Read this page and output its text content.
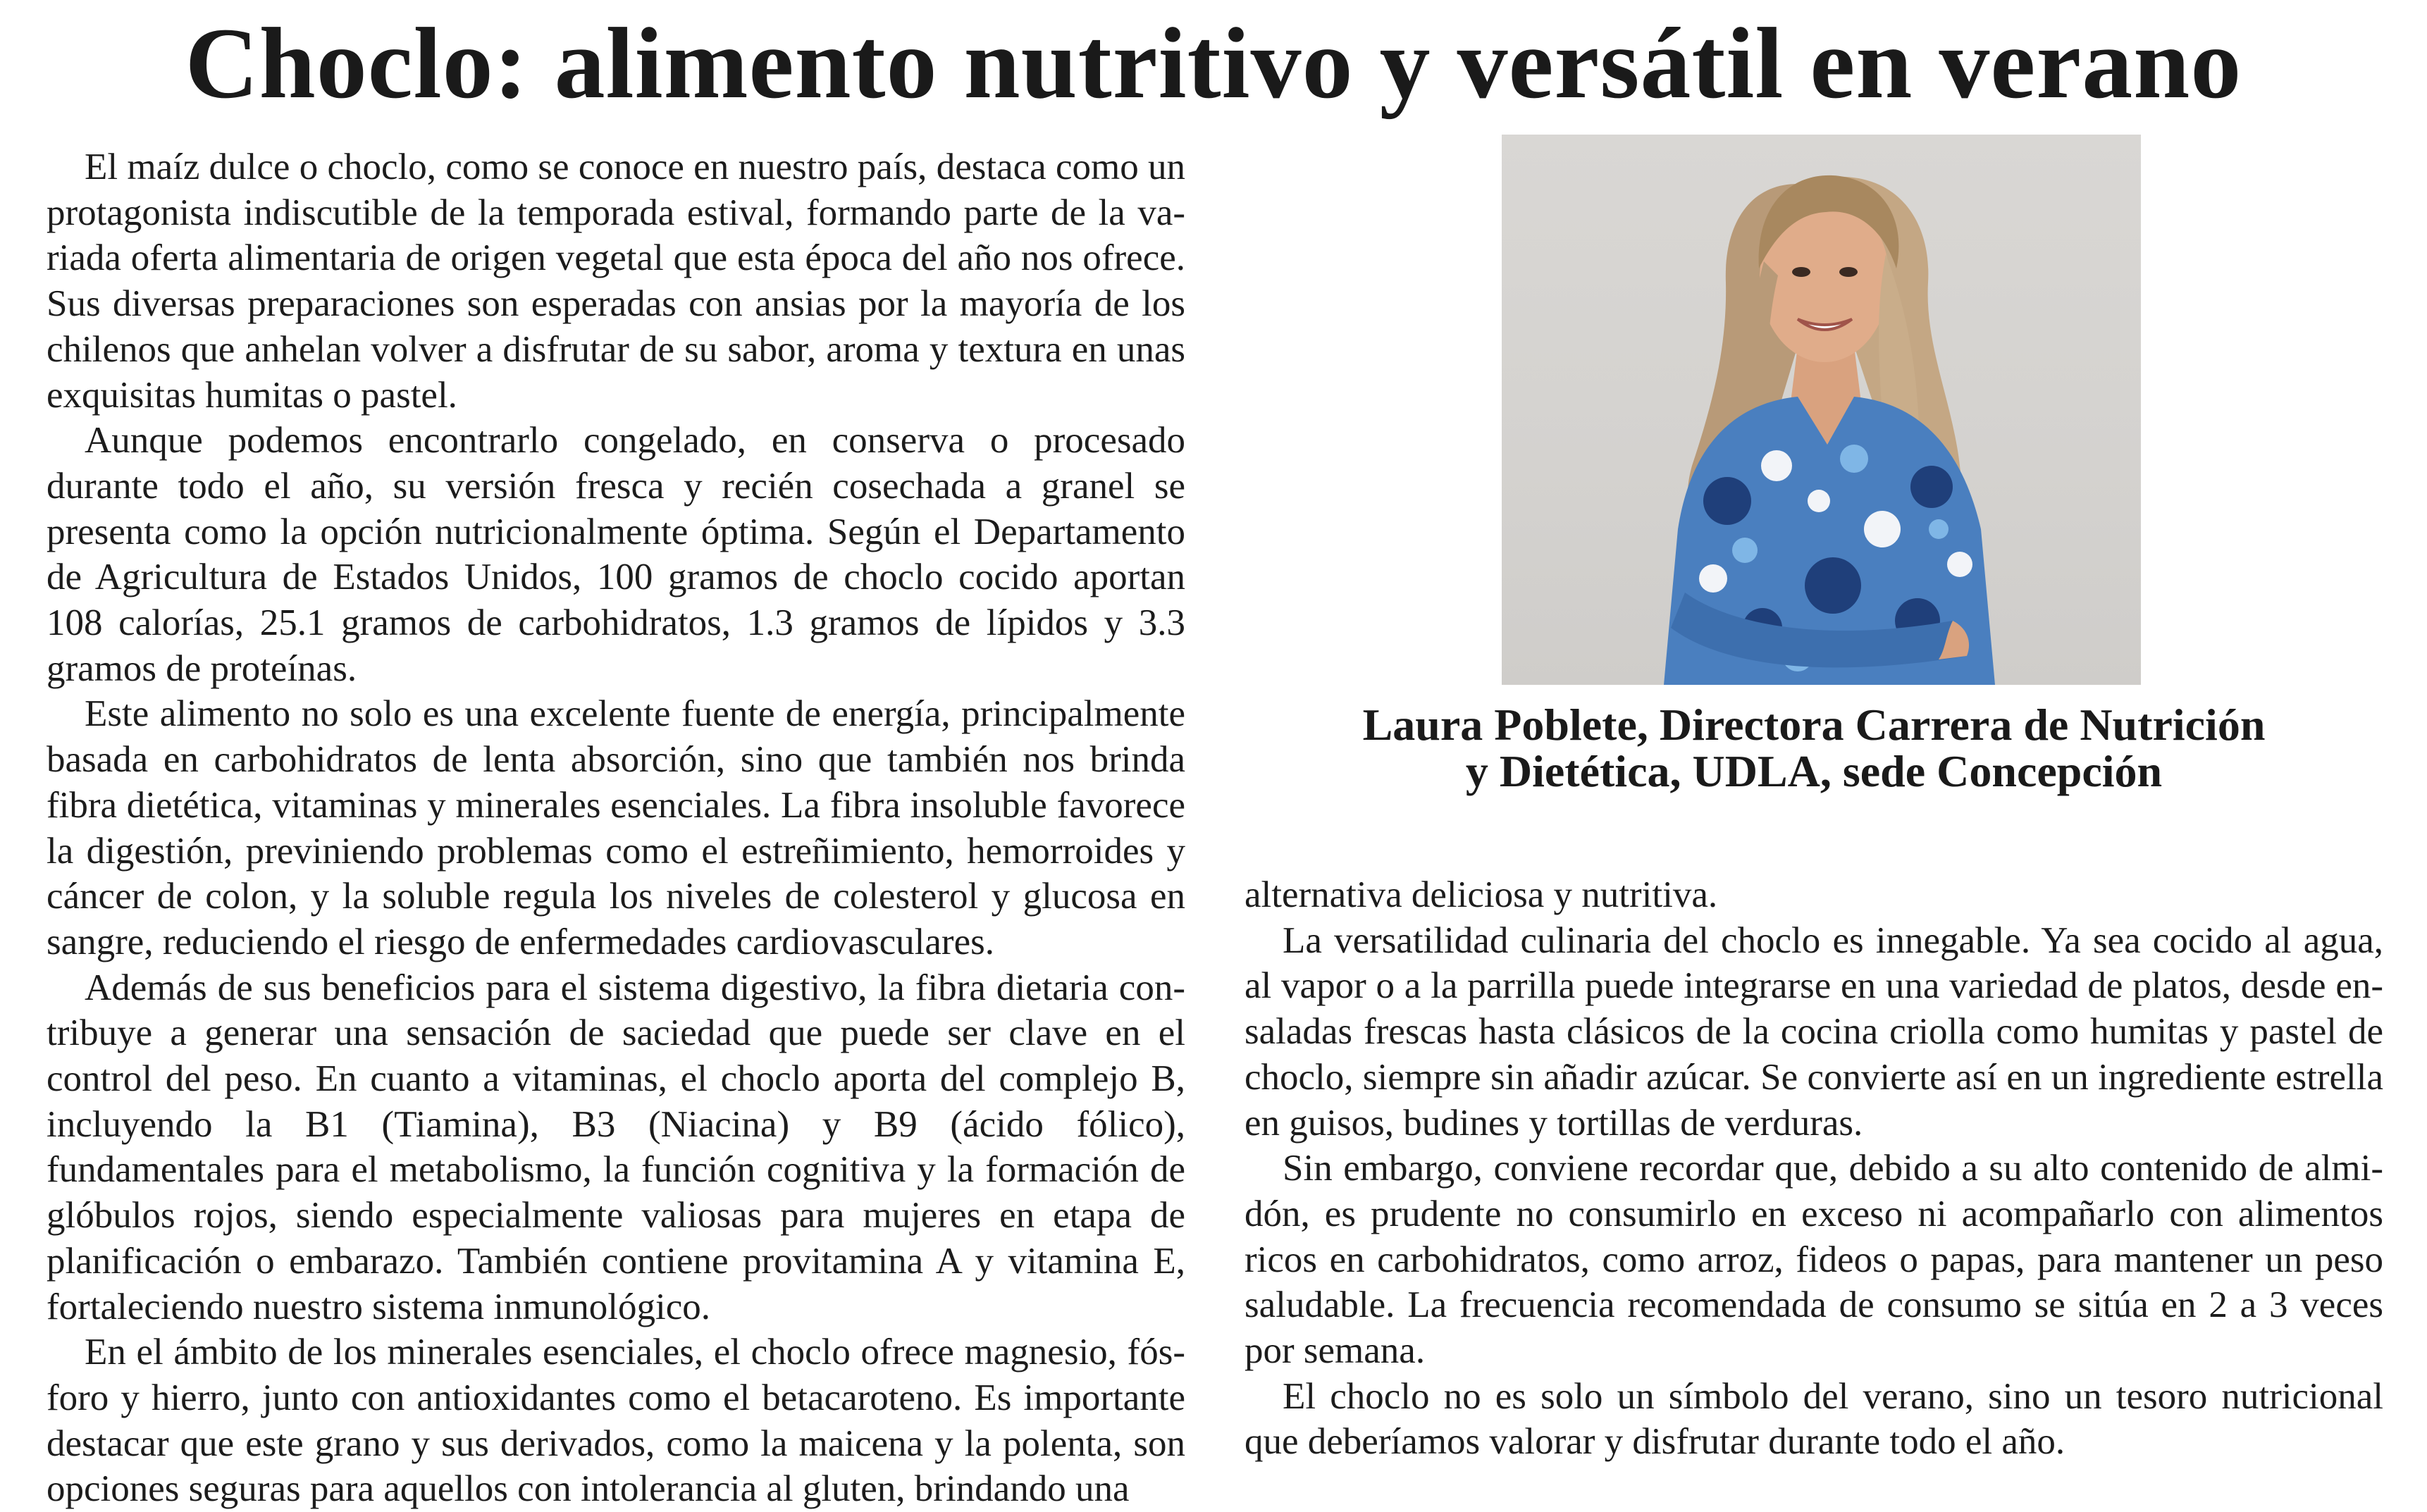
Choclo: alimento nutritivo y versátil en verano

El maíz dulce o choclo, como se conoce en nuestro país, destaca como un protagonista indiscutible de la temporada estival, formando parte de la variada oferta alimentaria de origen vegetal que esta época del año nos ofrece. Sus diversas preparaciones son esperadas con ansias por la mayoría de los chilenos que anhelan volver a disfrutar de su sabor, aroma y textura en unas exquisitas humitas o pastel.

Aunque podemos encontrarlo congelado, en conserva o procesado durante todo el año, su versión fresca y recién cosechada a granel se presenta como la opción nutricionalmente óptima. Según el Departamento de Agricultura de Estados Unidos, 100 gramos de choclo cocido aportan 108 calorías, 25.1 gramos de carbohidratos, 1.3 gramos de lípidos y 3.3 gramos de proteínas.

Este alimento no solo es una excelente fuente de energía, principalmente basada en carbohidratos de lenta absorción, sino que también nos brinda fibra dietética, vitaminas y minerales esenciales. La fibra insoluble favorece la digestión, previniendo problemas como el estreñimiento, hemorroides y cáncer de colon, y la soluble regula los niveles de colesterol y glucosa en sangre, reduciendo el riesgo de enfermedades cardiovasculares.

Además de sus beneficios para el sistema digestivo, la fibra dietaria contribuye a generar una sensación de saciedad que puede ser clave en el control del peso. En cuanto a vitaminas, el choclo aporta del complejo B, incluyendo la B1 (Tiamina), B3 (Niacina) y B9 (ácido fólico), fundamentales para el metabolismo, la función cognitiva y la formación de glóbulos rojos, siendo especialmente valiosas para mujeres en etapa de planificación o embarazo. También contiene provitamina A y vitamina E, fortaleciendo nuestro sistema inmunológico.

En el ámbito de los minerales esenciales, el choclo ofrece magnesio, fósforo y hierro, junto con antioxidantes como el betacaroteno. Es importante destacar que este grano y sus derivados, como la maicena y la polenta, son opciones seguras para aquellos con intolerancia al gluten, brindando una

Laura Poblete, Directora Carrera de Nutrición
y Dietética, UDLA, sede Concepción

alternativa deliciosa y nutritiva.

La versatilidad culinaria del choclo es innegable. Ya sea cocido al agua, al vapor o a la parrilla puede integrarse en una variedad de platos, desde ensaladas frescas hasta clásicos de la cocina criolla como humitas y pastel de choclo, siempre sin añadir azúcar. Se convierte así en un ingrediente estrella en guisos, budines y tortillas de verduras.

Sin embargo, conviene recordar que, debido a su alto contenido de almidón, es prudente no consumirlo en exceso ni acompañarlo con alimentos ricos en carbohidratos, como arroz, fideos o papas, para mantener un peso saludable. La frecuencia recomendada de consumo se sitúa en 2 a 3 veces por semana.

El choclo no es solo un símbolo del verano, sino un tesoro nutricional que deberíamos valorar y disfrutar durante todo el año.
